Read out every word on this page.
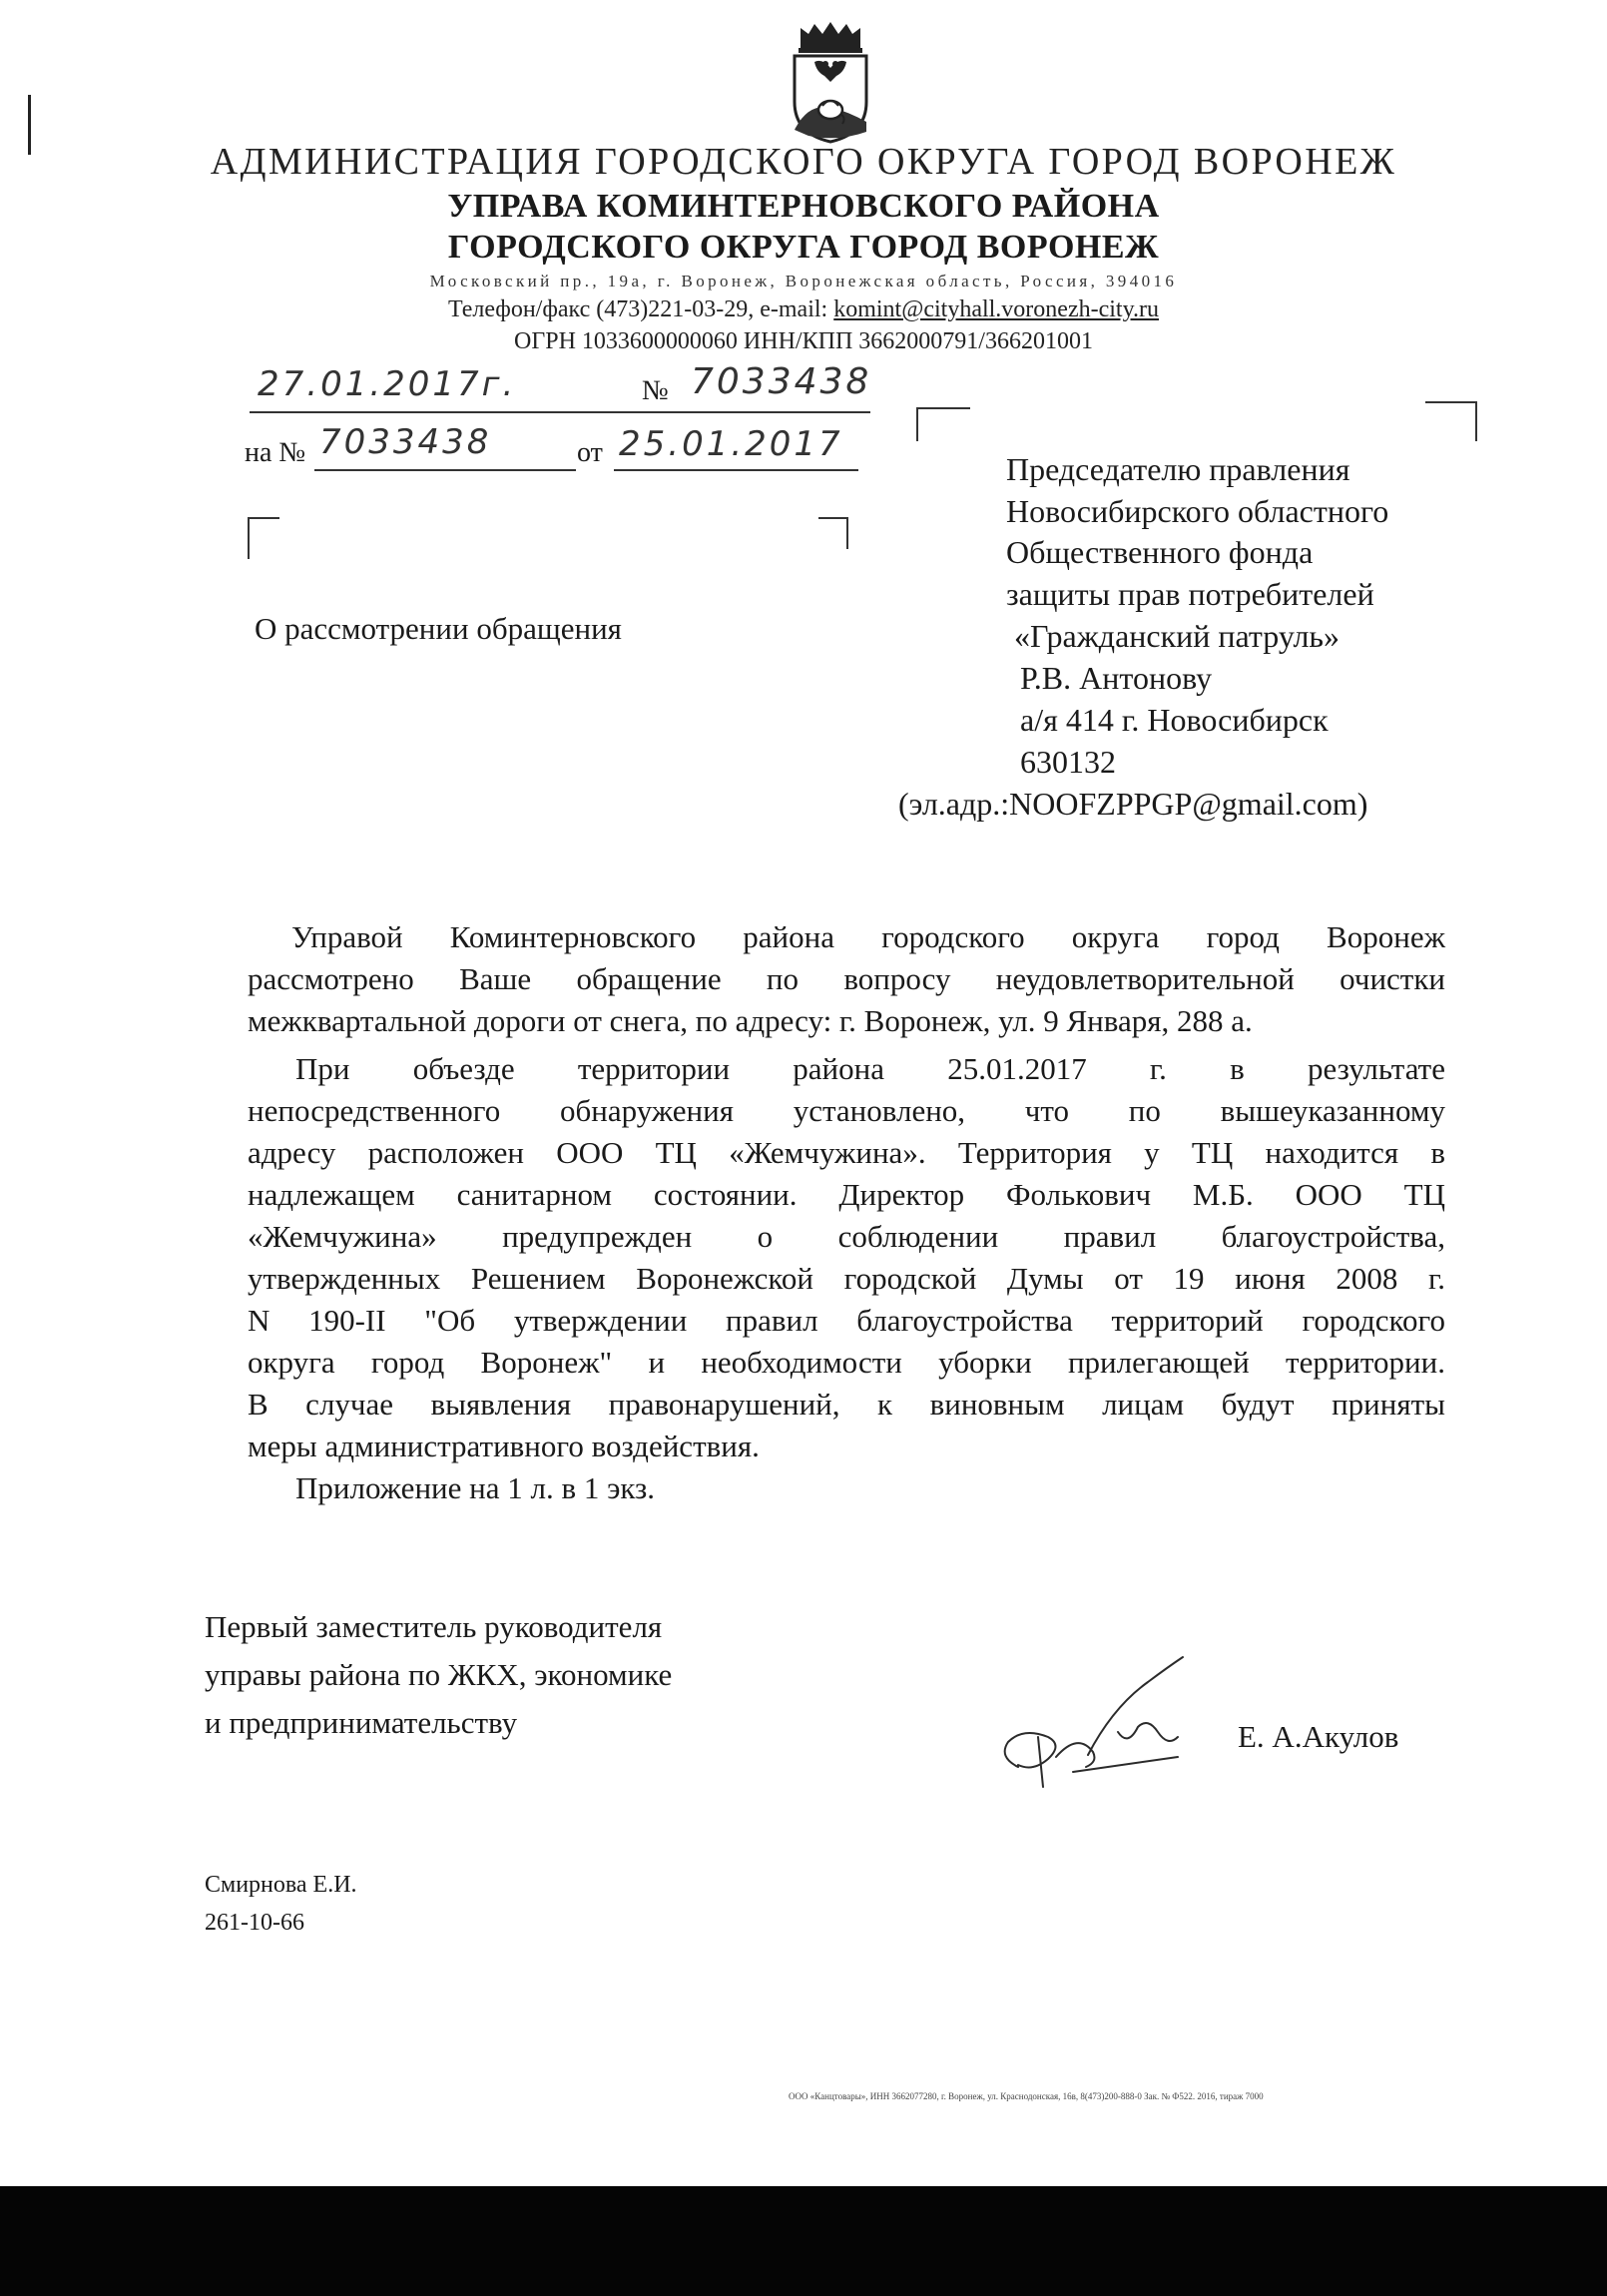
АДМИНИСТРАЦИЯ ГОРОДСКОГО ОКРУГА ГОРОД ВОРОНЕЖ
УПРАВА КОМИНТЕРНОВСКОГО РАЙОНА
ГОРОДСКОГО ОКРУГА ГОРОД ВОРОНЕЖ
Московский пр., 19а, г. Воронеж, Воронежская область, Россия, 394016
Телефон/факс (473)221-03-29, e-mail: komint@cityhall.voronezh-city.ru
ОГРН 1033600000060 ИНН/КПП 3662000791/366201001
27.01.2017г.	№ 7033438
на № 7033438	от 25.01.2017
О рассмотрении обращения
Председателю правления
Новосибирского областного
Общественного фонда
защиты прав потребителей
«Гражданский патруль»
Р.В. Антонову
а/я 414 г. Новосибирск
630132
(эл.адр.:NOOFZPPGP@gmail.com)
Управой Коминтерновского района городского округа город Воронеж
рассмотрено Ваше обращение по вопросу неудовлетворительной очистки
межквартальной дороги от снега, по адресу: г. Воронеж, ул. 9 Января, 288 а.
При объезде территории района 25.01.2017 г. в результате
непосредственного обнаружения установлено, что по вышеуказанному
адресу расположен ООО ТЦ «Жемчужина». Территория у ТЦ находится в
надлежащем санитарном состоянии. Директор Фолькович М.Б. ООО ТЦ
«Жемчужина» предупрежден о соблюдении правил благоустройства,
утвержденных Решением Воронежской городской Думы от 19 июня 2008 г.
N 190-II "Об утверждении правил благоустройства территорий городского
округа город Воронеж" и необходимости уборки прилегающей территории.
В случае выявления правонарушений, к виновным лицам будут приняты
меры административного воздействия.
Приложение на 1 л. в 1 экз.
Первый заместитель руководителя
управы района по ЖКХ, экономике
и предпринимательству	Е. А.Акулов
Смирнова Е.И.
261-10-66
ООО «Канцтовары», ИНН 3662077280, г. Воронеж, ул. Краснодонская, 16в, 8(473)200-888-0 Зак. № Ф522. 2016, тираж 7000
